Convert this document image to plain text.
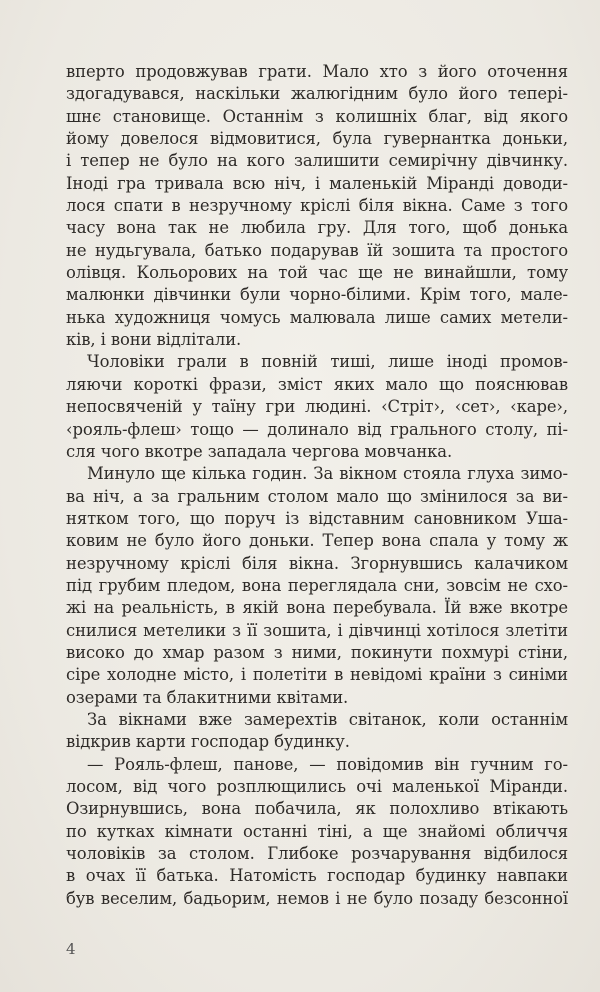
вперто продовжував грати. Мало хто з його оточення
здогадувався, наскільки жалюгідним було його тепері-
шнє становище. Останнім з колишніх благ, від якого
йому довелося відмовитися, була гувернантка доньки,
і тепер не було на кого залишити семирічну дівчинку.
Іноді гра тривала всю ніч, і маленькій Міранді доводи-
лося спати в незручному кріслі біля вікна. Саме з того
часу вона так не любила гру. Для того, щоб донька
не нудьгувала, батько подарував їй зошита та простого
олівця. Кольорових на той час ще не винайшли, тому
малюнки дівчинки були чорно-білими. Крім того, мале-
нька художниця чомусь малювала лише самих метели-
ків, і вони відлітали.
Чоловіки грали в повній тиші, лише іноді промов-
ляючи короткі фрази, зміст яких мало що пояснював
непосвяченій у таїну гри людині. ‹Стріт›, ‹сет›, ‹каре›,
‹рояль-флеш› тощо — долинало від грального столу, пі-
сля чого вкотре западала чергова мовчанка.
Минуло ще кілька годин. За вікном стояла глуха зимо-
ва ніч, а за гральним столом мало що змінилося за ви-
нятком того, що поруч із відставним сановником Уша-
ковим не було його доньки. Тепер вона спала у тому ж
незручному кріслі біля вікна. Згорнувшись калачиком
під грубим пледом, вона переглядала сни, зовсім не схо-
жі на реальність, в якій вона перебувала. Їй вже вкотре
снилися метелики з її зошита, і дівчинці хотілося злетіти
високо до хмар разом з ними, покинути похмурі стіни,
сіре холодне місто, і полетіти в невідомі країни з синіми
озерами та блакитними квітами.
За вікнами вже замерехтів світанок, коли останнім
відкрив карти господар будинку.
— Рояль-флеш, панове, — повідомив він гучним го-
лосом, від чого розплющились очі маленької Міранди.
Озирнувшись, вона побачила, як полохливо втікають
по кутках кімнати останні тіні, а ще знайомі обличчя
чоловіків за столом. Глибоке розчарування відбилося
в очах її батька. Натомість господар будинку навпаки
був веселим, бадьорим, немов і не було позаду безсонної
4
